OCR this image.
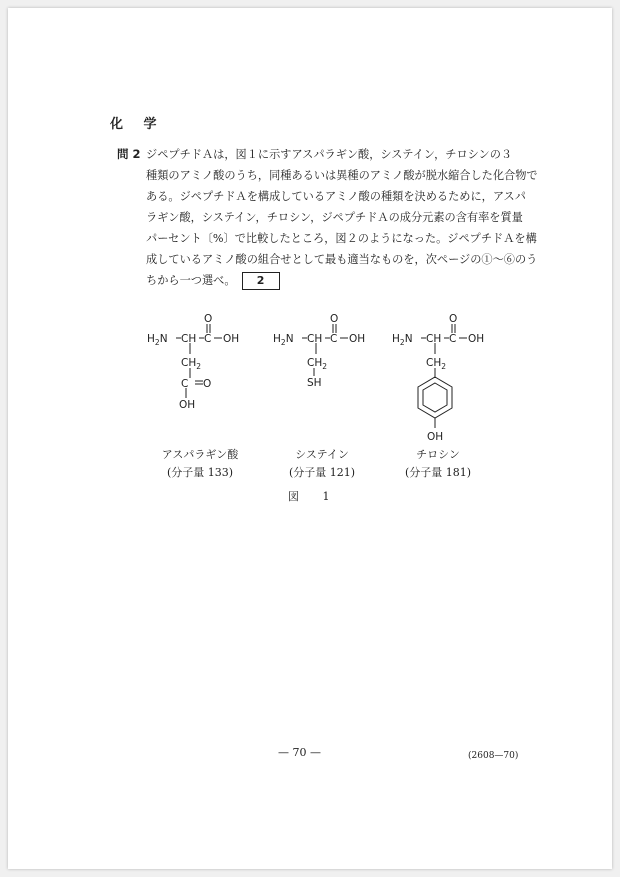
化 学
問 2 ジペプチドＡは，図１に示すアスパラギン酸，システイン，チロシンの３
種類のアミノ酸のうち，同種あるいは異種のアミノ酸が脱水縮合した化合物で
ある。ジペプチドＡを構成しているアミノ酸の種類を決めるために，アスパ
ラギン酸，システイン，チロシン，ジペプチドＡの成分元素の含有率を質量
パーセント〔%〕で比較したところ，図２のようになった。ジペプチドＡを構
成しているアミノ酸の組合せとして最も適当なものを，次ページの①～⑥のう
ちから一つ選べ。 2
$H_2N$ CH C
O
OH
$CH_2$
C O
OH
$H_2N$ CH C
O
OH
$CH_2$
SH
$H_2N$ CH C
O
OH
$CH_2$
OH
アスパラギン酸
(分子量 133)
システイン
(分子量 121)
チロシン
(分子量 181)
図 1
— 70 —	(2608—70)
